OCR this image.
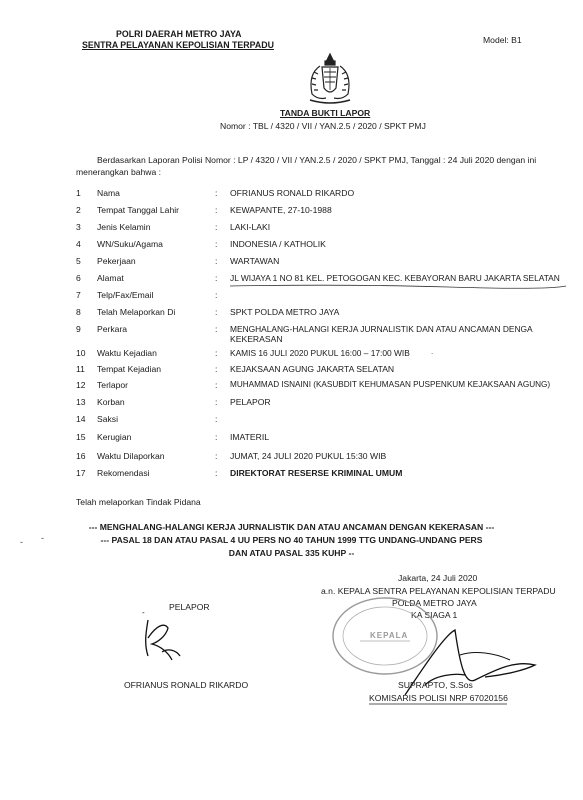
POLRI DAERAH METRO JAYA
SENTRA PELAYANAN KEPOLISIAN TERPADU	Model: B1
TANDA BUKTI LAPOR
Nomor : TBL / 4320 / VII / YAN.2.5 / 2020 / SPKT PMJ
Berdasarkan Laporan Polisi Nomor : LP / 4320 / VII / YAN.2.5 / 2020 / SPKT PMJ, Tanggal : 24 Juli 2020 dengan ini
menerangkan bahwa :
1 Nama	: OFRIANUS RONALD RIKARDO
2 Tempat Tanggal Lahir	: KEWAPANTE, 27-10-1988
3 Jenis Kelamin	: LAKI-LAKI
4 WN/Suku/Agama	: INDONESIA / KATHOLIK
5 Pekerjaan	: WARTAWAN
6 Alamat	: JL WIJAYA 1 NO 81 KEL. PETOGOGAN KEC. KEBAYORAN BARU JAKARTA SELATAN
7 Telp/Fax/Email	:
8 Telah Melaporkan Di	: SPKT POLDA METRO JAYA
9 Perkara	: MENGHALANG-HALANGI KERJA JURNALISTIK DAN ATAU ANCAMAN DENGA
KEKERASAN
10 Waktu Kejadian	: KAMIS 16 JULI 2020 PUKUL 16:00 – 17:00 WIB
11 Tempat Kejadian	: KEJAKSAAN AGUNG JAKARTA SELATAN
12 Terlapor	: MUHAMMAD ISNAINI (KASUBDIT KEHUMASAN PUSPENKUM KEJAKSAAN AGUNG)
13 Korban	: PELAPOR
14 Saksi	:
15 Kerugian	: IMATERIL
16 Waktu Dilaporkan	: JUMAT, 24 JULI 2020 PUKUL 15:30 WIB
17 Rekomendasi	: DIREKTORAT RESERSE KRIMINAL UMUM
Telah melaporkan Tindak Pidana
--- MENGHALANG-HALANGI KERJA JURNALISTIK DAN ATAU ANCAMAN DENGAN KEKERASAN ---
--- PASAL 18 DAN ATAU PASAL 4 UU PERS NO 40 TAHUN 1999 TTG UNDANG-UNDANG PERS
DAN ATAU PASAL 335 KUHP --
Jakarta, 24 Juli 2020
a.n. KEPALA SENTRA PELAYANAN KEPOLISIAN TERPADU
POLDA METRO JAYA
KA SIAGA 1
KEPALA
SUPRAPTO, S.Sos
KOMISARIS POLISI NRP 67020156
PELAPOR
-
OFRIANUS RONALD RIKARDO
-
-
.
